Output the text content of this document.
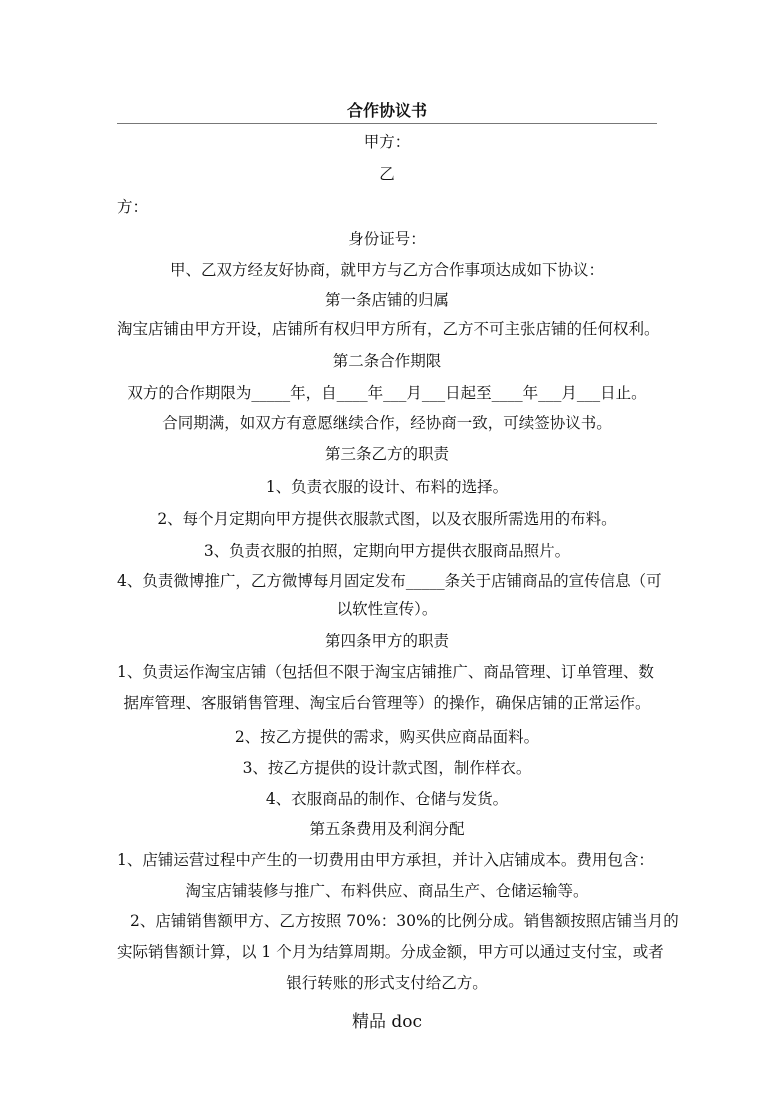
合作协议书
甲方：
乙
方：
身份证号：
甲、乙双方经友好协商，就甲方与乙方合作事项达成如下协议：
第一条店铺的归属
淘宝店铺由甲方开设，店铺所有权归甲方所有，乙方不可主张店铺的任何权利。
第二条合作期限
双方的合作期限为_____年，自____年___月___日起至____年___月___日止。
合同期满，如双方有意愿继续合作，经协商一致，可续签协议书。
第三条乙方的职责
1、负责衣服的设计、布料的选择。
2、每个月定期向甲方提供衣服款式图，以及衣服所需选用的布料。
3、负责衣服的拍照，定期向甲方提供衣服商品照片。
4、负责微博推广，乙方微博每月固定发布_____条关于店铺商品的宣传信息（可
以软性宣传）。
第四条甲方的职责
1、负责运作淘宝店铺（包括但不限于淘宝店铺推广、商品管理、订单管理、数
据库管理、客服销售管理、淘宝后台管理等）的操作，确保店铺的正常运作。
2、按乙方提供的需求，购买供应商品面料。
3、按乙方提供的设计款式图，制作样衣。
4、衣服商品的制作、仓储与发货。
第五条费用及利润分配
1、店铺运营过程中产生的一切费用由甲方承担，并计入店铺成本。费用包含：
淘宝店铺装修与推广、布料供应、商品生产、仓储运输等。
2、店铺销售额甲方、乙方按照 70%：30%的比例分成。销售额按照店铺当月的
实际销售额计算，以 1 个月为结算周期。分成金额，甲方可以通过支付宝，或者
银行转账的形式支付给乙方。
精品 doc
